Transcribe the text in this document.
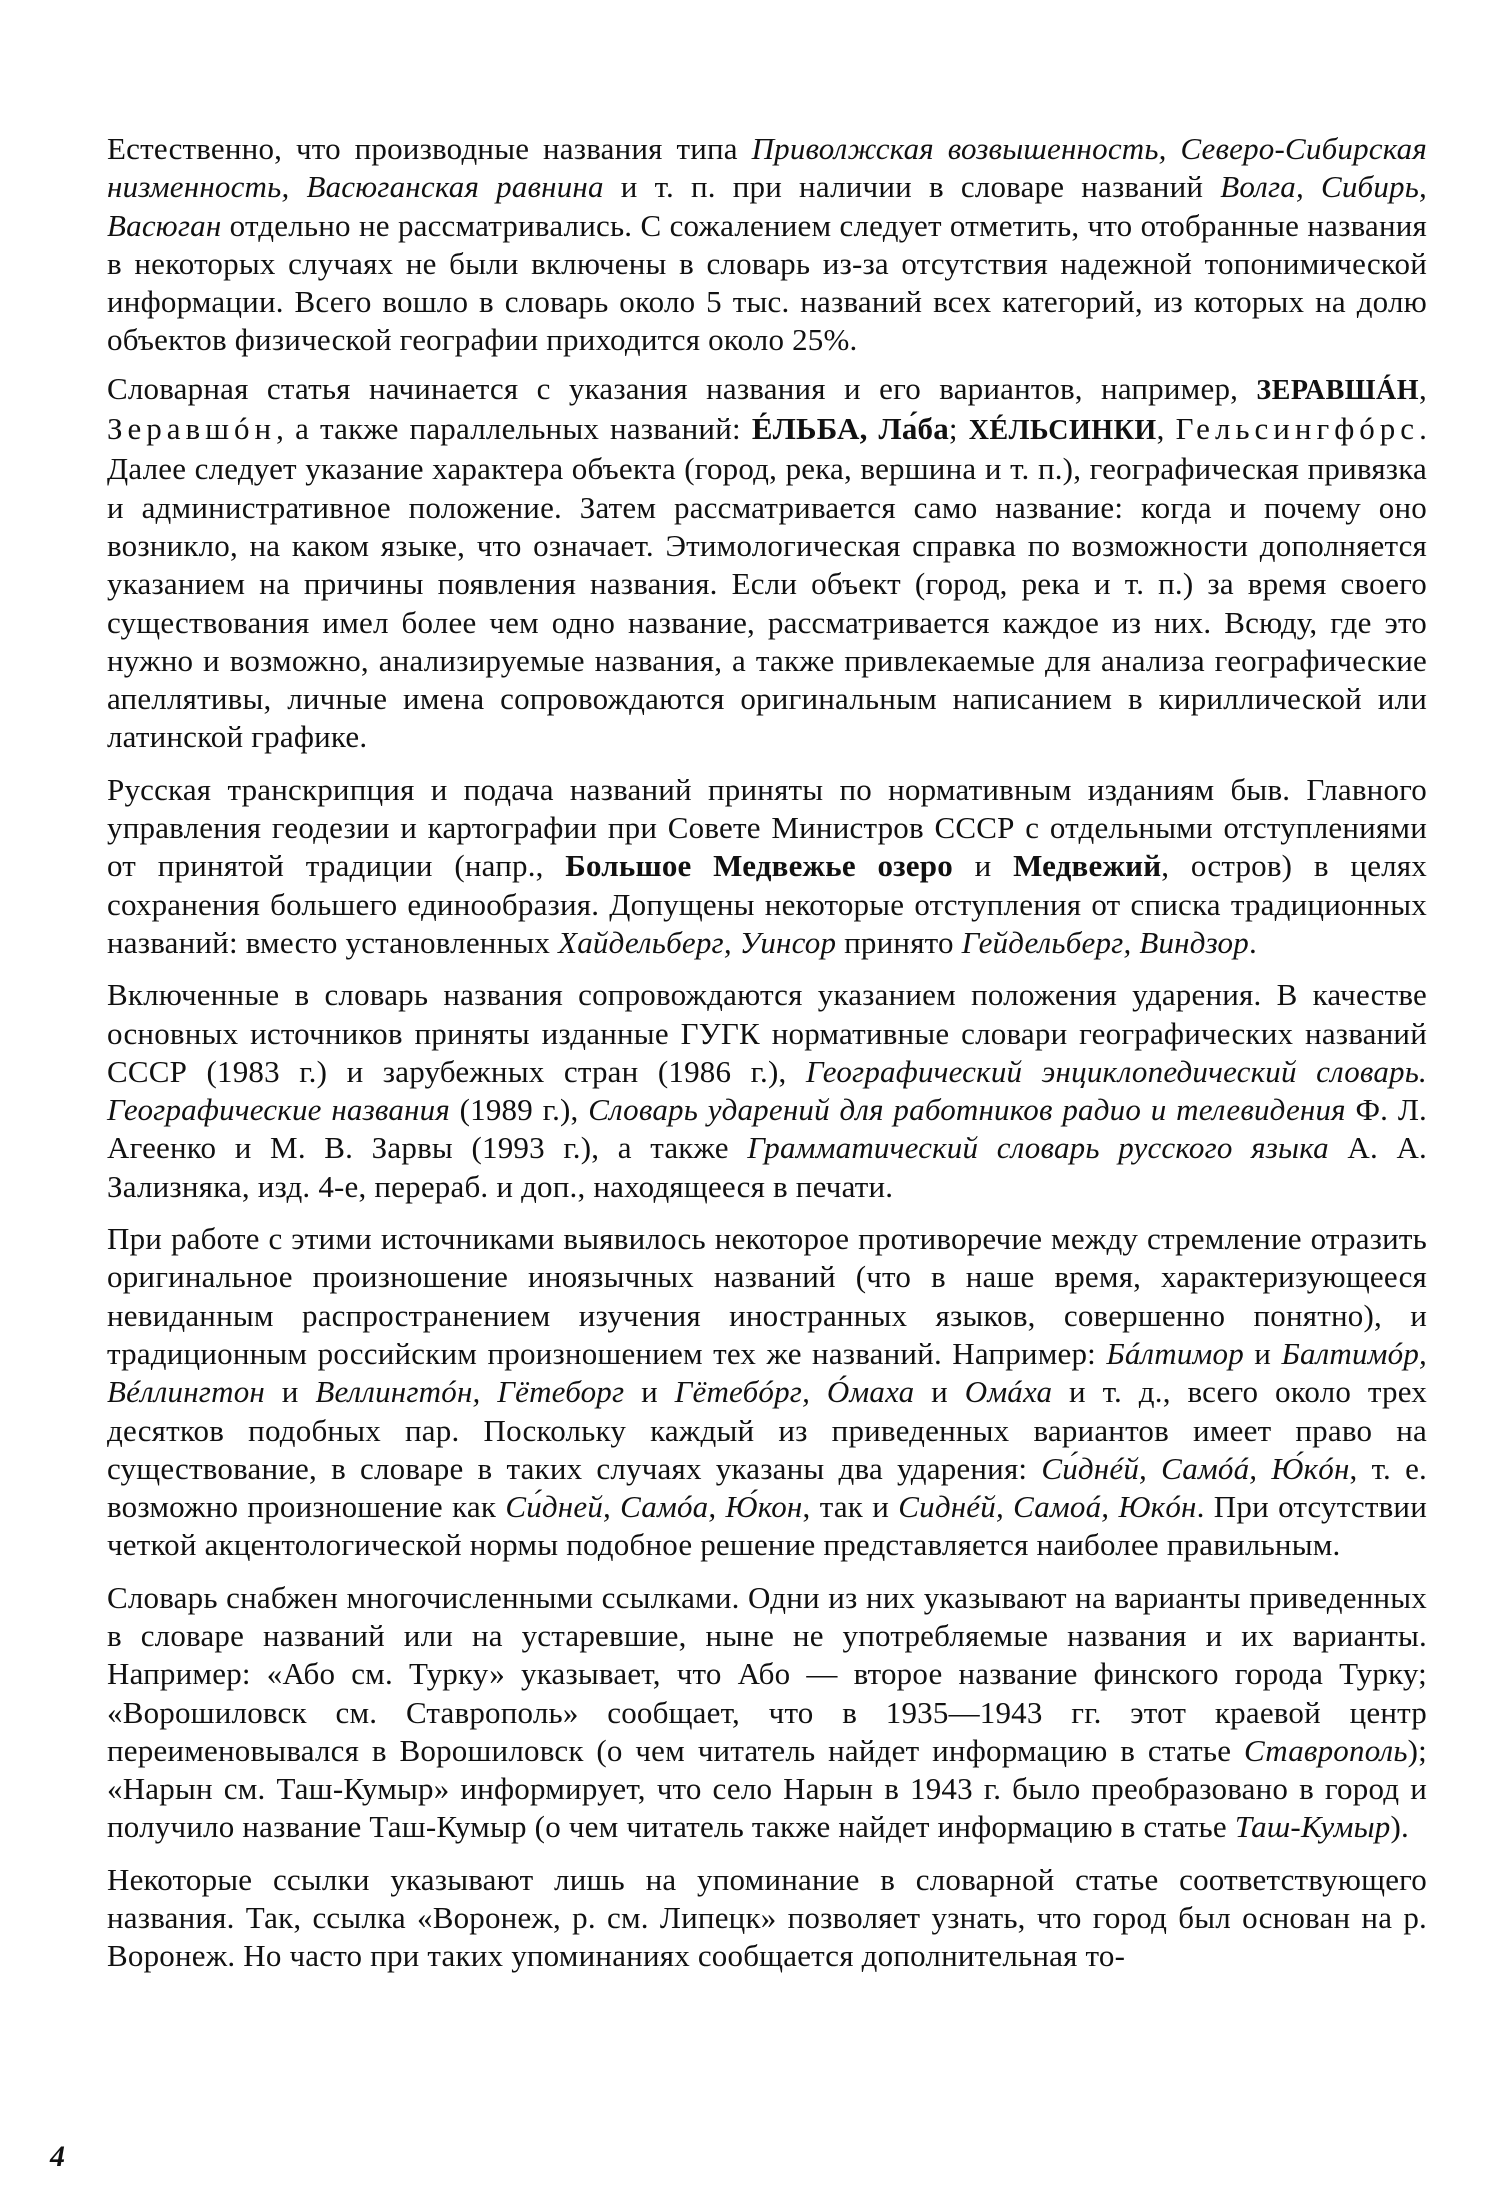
Естественно, что производные названия типа Приволжская возвышенность, Северо-Сибирская низменность, Васюганская равнина и т. п. при наличии в словаре названий Волга, Сибирь, Васюган отдельно не рассматривались. С сожалением следует отметить, что отобранные названия в некоторых случаях не были включены в словарь из-за отсутствия надежной топонимической информации. Всего вошло в словарь около 5 тыс. названий всех категорий, из которых на долю объектов физической географии приходится около 25%.

Словарная статья начинается с указания названия и его вариантов, например, ЗЕРАВШÁН, Зеравшóн, а также параллельных названий: ÉЛЬБА, Ла́ба; ХÉЛЬСИНКИ, Гельсингфóрс. Далее следует указание характера объекта (город, река, вершина и т. п.), географическая привязка и административное положение. Затем рассматривается само название: когда и почему оно возникло, на каком языке, что означает. Этимологическая справка по возможности дополняется указанием на причины появления названия. Если объект (город, река и т. п.) за время своего существования имел более чем одно название, рассматривается каждое из них. Всюду, где это нужно и возможно, анализируемые названия, а также привлекаемые для анализа географические апеллятивы, личные имена сопровождаются оригинальным написанием в кириллической или латинской графике.

Русская транскрипция и подача названий приняты по нормативным изданиям быв. Главного управления геодезии и картографии при Совете Министров СССР с отдельными отступлениями от принятой традиции (напр., Большое Медвежье озеро и Медвежий, остров) в целях сохранения большего единообразия. Допущены некоторые отступления от списка традиционных названий: вместо установленных Хайдельберг, Уинсор принято Гейдельберг, Виндзор.

Включенные в словарь названия сопровождаются указанием положения ударения. В качестве основных источников приняты изданные ГУГК нормативные словари географических названий СССР (1983 г.) и зарубежных стран (1986 г.), Географический энциклопедический словарь. Географические названия (1989 г.), Словарь ударений для работников радио и телевидения Ф. Л. Агеенко и М. В. Зарвы (1993 г.), а также Грамматический словарь русского языка А. А. Зализняка, изд. 4-е, перераб. и доп., находящееся в печати.

При работе с этими источниками выявилось некоторое противоречие между стремление отразить оригинальное произношение иноязычных названий (что в наше время, характеризующееся невиданным распространением изучения иностранных языков, совершенно понятно), и традиционным российским произношением тех же названий. Например: Бáлтимор и Балтимóр, Вéллингтон и Веллингтóн, Гётеборг и Гётебóрг, Óмаха и Омáха и т. д., всего около трех десятков подобных пар. Поскольку каждый из приведенных вариантов имеет право на существование, в словаре в таких случаях указаны два ударения: Си́днéй, Самóá, Ю́кóн, т. е. возможно произношение как Си́дней, Самóа, Ю́кон, так и Сиднéй, Самоá, Юкóн. При отсутствии четкой акцентологической нормы подобное решение представляется наиболее правильным.

Словарь снабжен многочисленными ссылками. Одни из них указывают на варианты приведенных в словаре названий или на устаревшие, ныне не употребляемые названия и их варианты. Например: «Або см. Турку» указывает, что Або — второе название финского города Турку; «Ворошиловск см. Ставрополь» сообщает, что в 1935—1943 гг. этот краевой центр переименовывался в Ворошиловск (о чем читатель найдет информацию в статье Ставрополь); «Нарын см. Таш-Кумыр» информирует, что село Нарын в 1943 г. было преобразовано в город и получило название Таш-Кумыр (о чем читатель также найдет информацию в статье Таш-Кумыр).

Некоторые ссылки указывают лишь на упоминание в словарной статье соответствующего названия. Так, ссылка «Воронеж, р. см. Липецк» позволяет узнать, что город был основан на р. Воронеж. Но часто при таких упоминаниях сообщается дополнительная то-

4
